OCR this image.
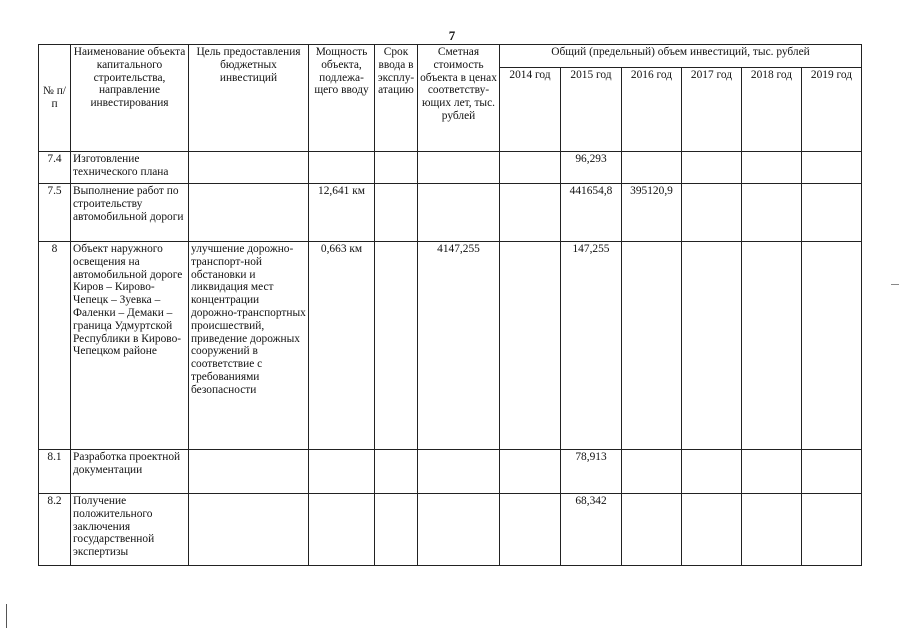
7
№ п/п	Наименование объекта капитального строительства, направление инвестирования	Цель предоставления бюджетных инвестиций	Мощность объекта, подлежа-щего вводу	Срок ввода в эксплу-атацию	Сметная стоимость объекта в ценах соответству-ющих лет, тыс. рублей	Общий (предельный) объем инвестиций, тыс. рублей					
						2014 год	2015 год	2016 год	2017 год	2018 год	2019 год
7.4	Изготовление технического плана						96,293				
7.5	Выполнение работ по строительству автомобильной дороги		12,641 км				441654,8	395120,9			
8	Объект наружного освещения на автомобильной дороге Киров – Кирово-Чепецк – Зуевка – Фаленки – Демаки – граница Удмуртской Республики в Кирово-Чепецком районе	улучшение дорожно-транспорт-ной обстановки и ликвидация мест концентрации дорожно-транспортных происшествий, приведение дорожных сооружений в соответствие с требованиями безопасности	0,663 км		4147,255		147,255				
8.1	Разработка проектной документации						78,913				
8.2	Получение положительного заключения государственной экспертизы						68,342				
